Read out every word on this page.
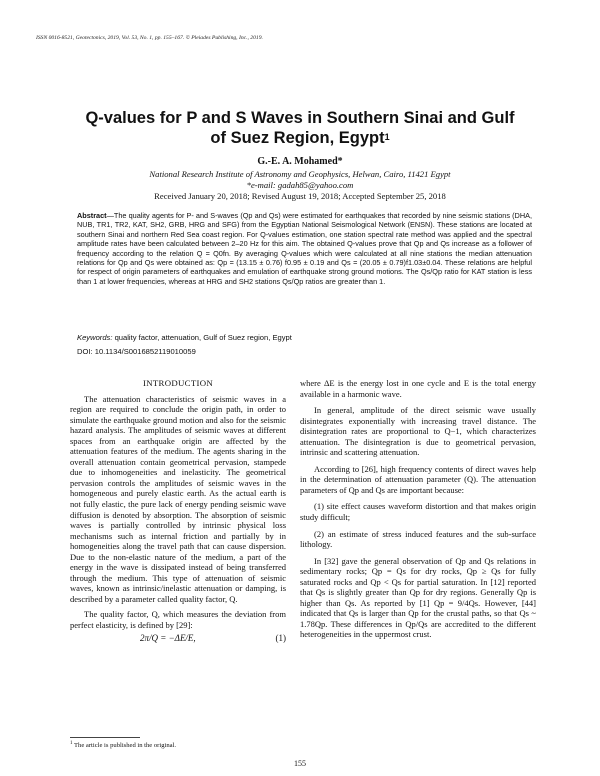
ISSN 0016-8521, Geotectonics, 2019, Vol. 53, No. 1, pp. 155–167. © Pleiades Publishing, Inc., 2019.
Q-values for P and S Waves in Southern Sinai and Gulf
of Suez Region, Egypt$^1$
G.-E. A. Mohamed*
National Research Institute of Astronomy and Geophysics, Helwan, Cairo, 11421 Egypt
*e-mail: gadah85@yahoo.com
Received January 20, 2018; Revised August 19, 2018; Accepted September 25, 2018
Abstract—The quality agents for P- and S-waves (Qp and Qs) were estimated for earthquakes that recorded by nine seismic stations (DHA, NUB, TR1, TR2, KAT, SH2, GRB, HRG and SFG) from the Egyptian National Seismological Network (ENSN). These stations are located at southern Sinai and northern Red Sea coast region. For Q-values estimation, one station spectral rate method was applied and the spectral amplitude rates have been calculated between 2–20 Hz for this aim. The obtained Q-values prove that Qp and Qs increase as a follower of frequency according to the relation Q = Q0fn. By averaging Q-values which were calculated at all nine stations the median attenuation relations for Qp and Qs were obtained as: Qp = (13.15 ± 0.76) f0.95 ± 0.19 and Qs = (20.05 ± 0.79)f1.03±0.04. These relations are helpful for respect of origin parameters of earthquakes and emulation of earthquake strong ground motions. The Qs/Qp ratio for KAT station is less than 1 at lower frequencies, whereas at HRG and SH2 stations Qs/Qp ratios are greater than 1.
Keywords: quality factor, attenuation, Gulf of Suez region, Egypt
DOI: 10.1134/S0016852119010059

INTRODUCTION

The attenuation characteristics of seismic waves in a region are required to conclude the origin path, in order to simulate the earthquake ground motion and also for the seismic hazard analysis. The amplitudes of seismic waves at different spaces from an earthquake origin are affected by the attenuation features of the medium. The agents sharing in the overall attenuation contain geometrical pervasion, stampede due to inhomogeneities and inelasticity. The geometrical pervasion controls the amplitudes of seismic waves in the homogeneous and purely elastic earth. As the actual earth is not fully elastic, the pure lack of energy pending seismic wave diffusion is denoted by absorption. The absorption of seismic waves is partially controlled by intrinsic physical loss mechanisms such as internal friction and partially by in homogeneities along the travel path that can cause dispersion. Due to the non-elastic nature of the medium, a part of the energy in the wave is dissipated instead of being transferred through the medium. This type of attenuation of seismic waves, known as intrinsic/inelastic attenuation or damping, is described by a parameter called quality factor, Q.

The quality factor, Q, which measures the deviation from perfect elasticity, is defined by [29]:

2π/Q = −ΔE/E,	(1)

where ΔE is the energy lost in one cycle and E is the total energy available in a harmonic wave.

In general, amplitude of the direct seismic wave usually disintegrates exponentially with increasing travel distance. The disintegration rates are proportional to Q−1, which characterizes attenuation. The disintegration is due to geometrical pervasion, intrinsic and scattering attenuation.

According to [26], high frequency contents of direct waves help in the determination of attenuation parameter (Q). The attenuation parameters of Qp and Qs are important because:

(1) site effect causes waveform distortion and that makes origin study difficult;

(2) an estimate of stress induced features and the sub-surface lithology.

In [32] gave the general observation of Qp and Qs relations in sedimentary rocks; Qp = Qs for dry rocks, Qp ≥ Qs for fully saturated rocks and Qp < Qs for partial saturation. In [12] reported that Qs is slightly greater than Qp for dry regions. Generally Qp is higher than Qs. As reported by [1] Qp = 9/4Qs. However, [44] indicated that Qs is larger than Qp for the crustal paths, so that Qs ~ 1.78Qp. These differences in Qp/Qs are accredited to the different heterogeneities in the uppermost crust.

$^1$ The article is published in the original.
155
